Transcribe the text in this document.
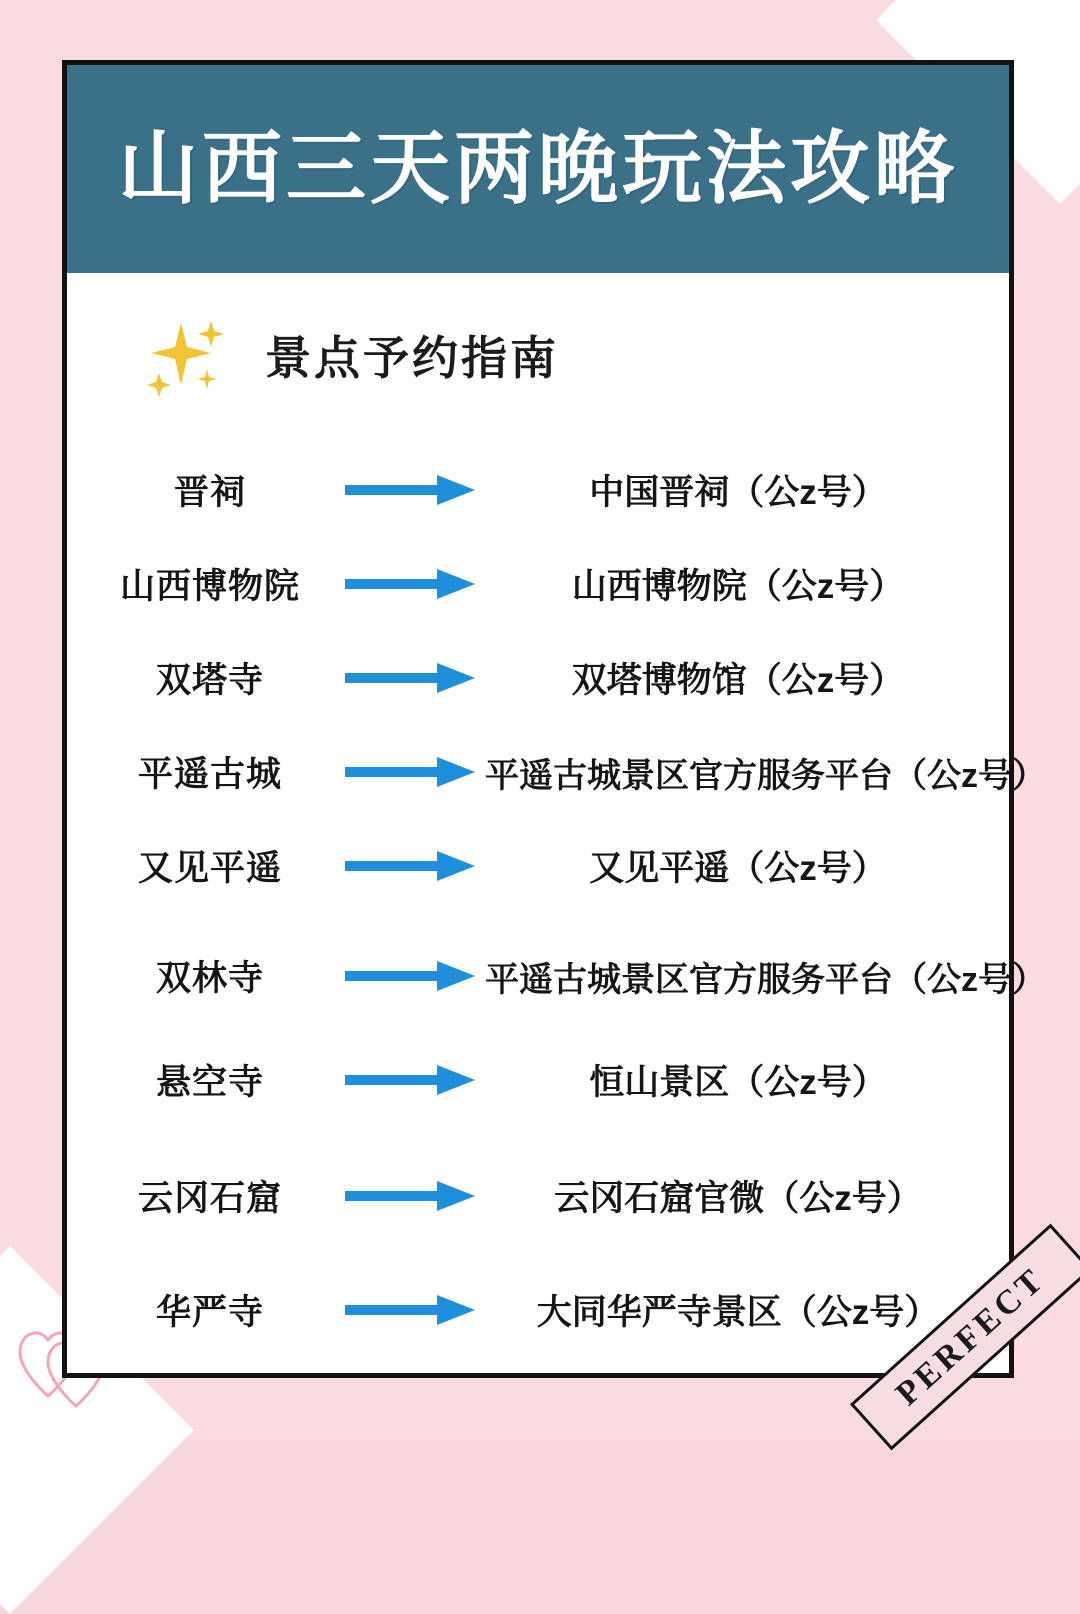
山西三天两晚玩法攻略
景点予约指南
晋祠	中国晋祠（公z号）
山西博物院	山西博物院（公z号）
双塔寺	双塔博物馆（公z号）
平遥古城	平遥古城景区官方服务平台（公z号）
又见平遥	又见平遥（公z号）
双林寺	平遥古城景区官方服务平台（公z号）
悬空寺	恒山景区（公z号）
云冈石窟	云冈石窟官微（公z号）
华严寺	大同华严寺景区（公z号）
PERFECT
